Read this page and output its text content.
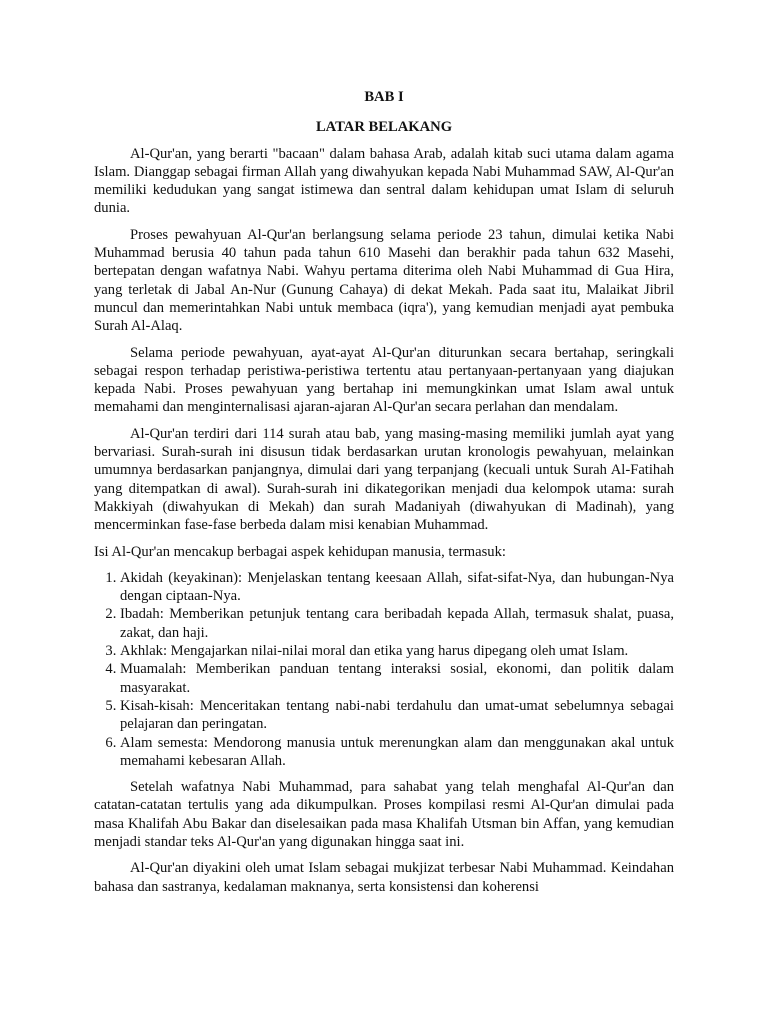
BAB I

LATAR BELAKANG

Al-Qur'an, yang berarti "bacaan" dalam bahasa Arab, adalah kitab suci utama dalam agama Islam. Dianggap sebagai firman Allah yang diwahyukan kepada Nabi Muhammad SAW, Al-Qur'an memiliki kedudukan yang sangat istimewa dan sentral dalam kehidupan umat Islam di seluruh dunia.

Proses pewahyuan Al-Qur'an berlangsung selama periode 23 tahun, dimulai ketika Nabi Muhammad berusia 40 tahun pada tahun 610 Masehi dan berakhir pada tahun 632 Masehi, bertepatan dengan wafatnya Nabi. Wahyu pertama diterima oleh Nabi Muhammad di Gua Hira, yang terletak di Jabal An-Nur (Gunung Cahaya) di dekat Mekah. Pada saat itu, Malaikat Jibril muncul dan memerintahkan Nabi untuk membaca (iqra'), yang kemudian menjadi ayat pembuka Surah Al-Alaq.

Selama periode pewahyuan, ayat-ayat Al-Qur'an diturunkan secara bertahap, seringkali sebagai respon terhadap peristiwa-peristiwa tertentu atau pertanyaan-pertanyaan yang diajukan kepada Nabi. Proses pewahyuan yang bertahap ini memungkinkan umat Islam awal untuk memahami dan menginternalisasi ajaran-ajaran Al-Qur'an secara perlahan dan mendalam.

Al-Qur'an terdiri dari 114 surah atau bab, yang masing-masing memiliki jumlah ayat yang bervariasi. Surah-surah ini disusun tidak berdasarkan urutan kronologis pewahyuan, melainkan umumnya berdasarkan panjangnya, dimulai dari yang terpanjang (kecuali untuk Surah Al-Fatihah yang ditempatkan di awal). Surah-surah ini dikategorikan menjadi dua kelompok utama: surah Makkiyah (diwahyukan di Mekah) dan surah Madaniyah (diwahyukan di Madinah), yang mencerminkan fase-fase berbeda dalam misi kenabian Muhammad.

Isi Al-Qur'an mencakup berbagai aspek kehidupan manusia, termasuk:

1. Akidah (keyakinan): Menjelaskan tentang keesaan Allah, sifat-sifat-Nya, dan hubungan-Nya dengan ciptaan-Nya.
2. Ibadah: Memberikan petunjuk tentang cara beribadah kepada Allah, termasuk shalat, puasa, zakat, dan haji.
3. Akhlak: Mengajarkan nilai-nilai moral dan etika yang harus dipegang oleh umat Islam.
4. Muamalah: Memberikan panduan tentang interaksi sosial, ekonomi, dan politik dalam masyarakat.
5. Kisah-kisah: Menceritakan tentang nabi-nabi terdahulu dan umat-umat sebelumnya sebagai pelajaran dan peringatan.
6. Alam semesta: Mendorong manusia untuk merenungkan alam dan menggunakan akal untuk memahami kebesaran Allah.

Setelah wafatnya Nabi Muhammad, para sahabat yang telah menghafal Al-Qur'an dan catatan-catatan tertulis yang ada dikumpulkan. Proses kompilasi resmi Al-Qur'an dimulai pada masa Khalifah Abu Bakar dan diselesaikan pada masa Khalifah Utsman bin Affan, yang kemudian menjadi standar teks Al-Qur'an yang digunakan hingga saat ini.

Al-Qur'an diyakini oleh umat Islam sebagai mukjizat terbesar Nabi Muhammad. Keindahan bahasa dan sastranya, kedalaman maknanya, serta konsistensi dan koherensi
